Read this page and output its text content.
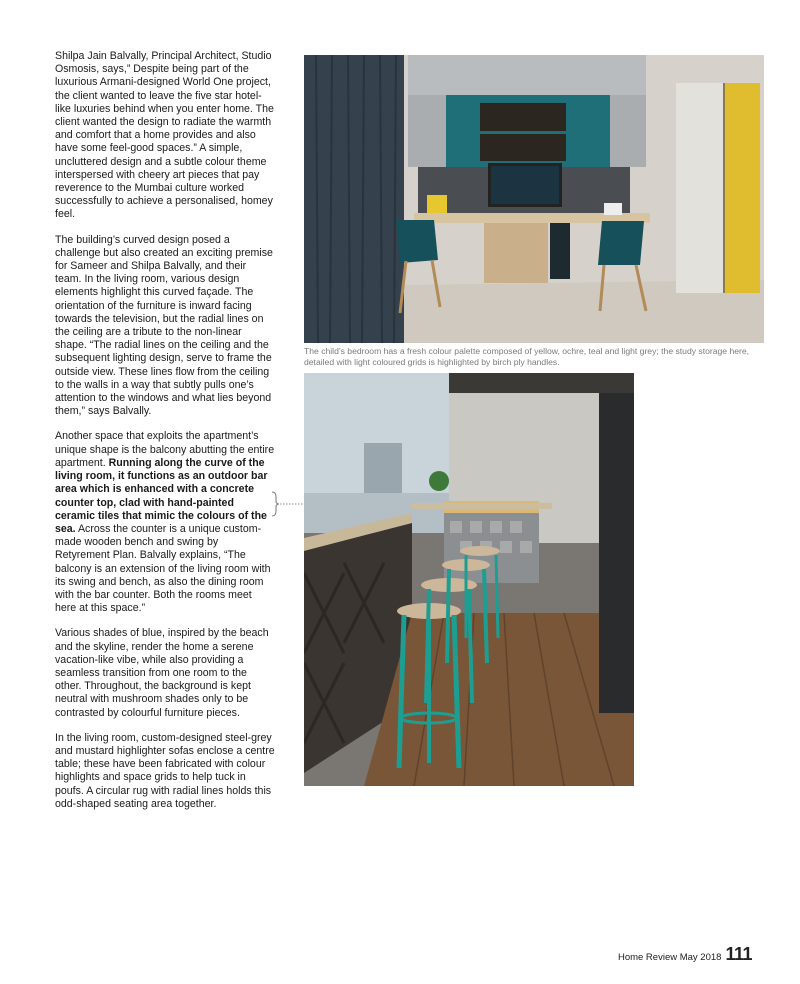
Shilpa Jain Balvally, Principal Architect, Studio Osmosis, says,” Despite being part of the luxurious Armani-designed World One project, the client wanted to leave the five star hotel-like luxuries behind when you enter home. The client wanted the design to radiate the warmth and comfort that a home provides and also have some feel-good spaces.” A simple, uncluttered design and a subtle colour theme interspersed with cheery art pieces that pay reverence to the Mumbai culture worked successfully to achieve a personalised, homey feel.

The building’s curved design posed a challenge but also created an exciting premise for Sameer and Shilpa Balvally, and their team. In the living room, various design elements highlight this curved façade. The orientation of the furniture is inward facing towards the television, but the radial lines on the ceiling are a tribute to the non-linear shape. “The radial lines on the ceiling and the subsequent lighting design, serve to frame the outside view. These lines flow from the ceiling to the walls in a way that subtly pulls one’s attention to the windows and what lies beyond them,” says Balvally.

Another space that exploits the apartment’s unique shape is the balcony abutting the entire apartment. Running along the curve of the living room, it functions as an outdoor bar area which is enhanced with a concrete counter top, clad with hand-painted ceramic tiles that mimic the colours of the sea. Across the counter is a unique custom-made wooden bench and swing by Retyrement Plan. Balvally explains, “The balcony is an extension of the living room with its swing and bench, as also the dining room with the bar counter. Both the rooms meet here at this space.”

Various shades of blue, inspired by the beach and the skyline, render the home a serene vacation-like vibe, while also providing a seamless transition from one room to the other. Throughout, the background is kept neutral with mushroom shades only to be contrasted by colourful furniture pieces.

In the living room, custom-designed steel-grey and mustard highlighter sofas enclose a centre table; these have been fabricated with colour highlights and space grids to help tuck in poufs. A circular rug with radial lines holds this odd-shaped seating area together.

The child’s bedroom has a fresh colour palette composed of yellow, ochre, teal and light grey; the study storage here, detailed with light coloured grids is highlighted by birch ply handles.
Home Review May 2018 111
